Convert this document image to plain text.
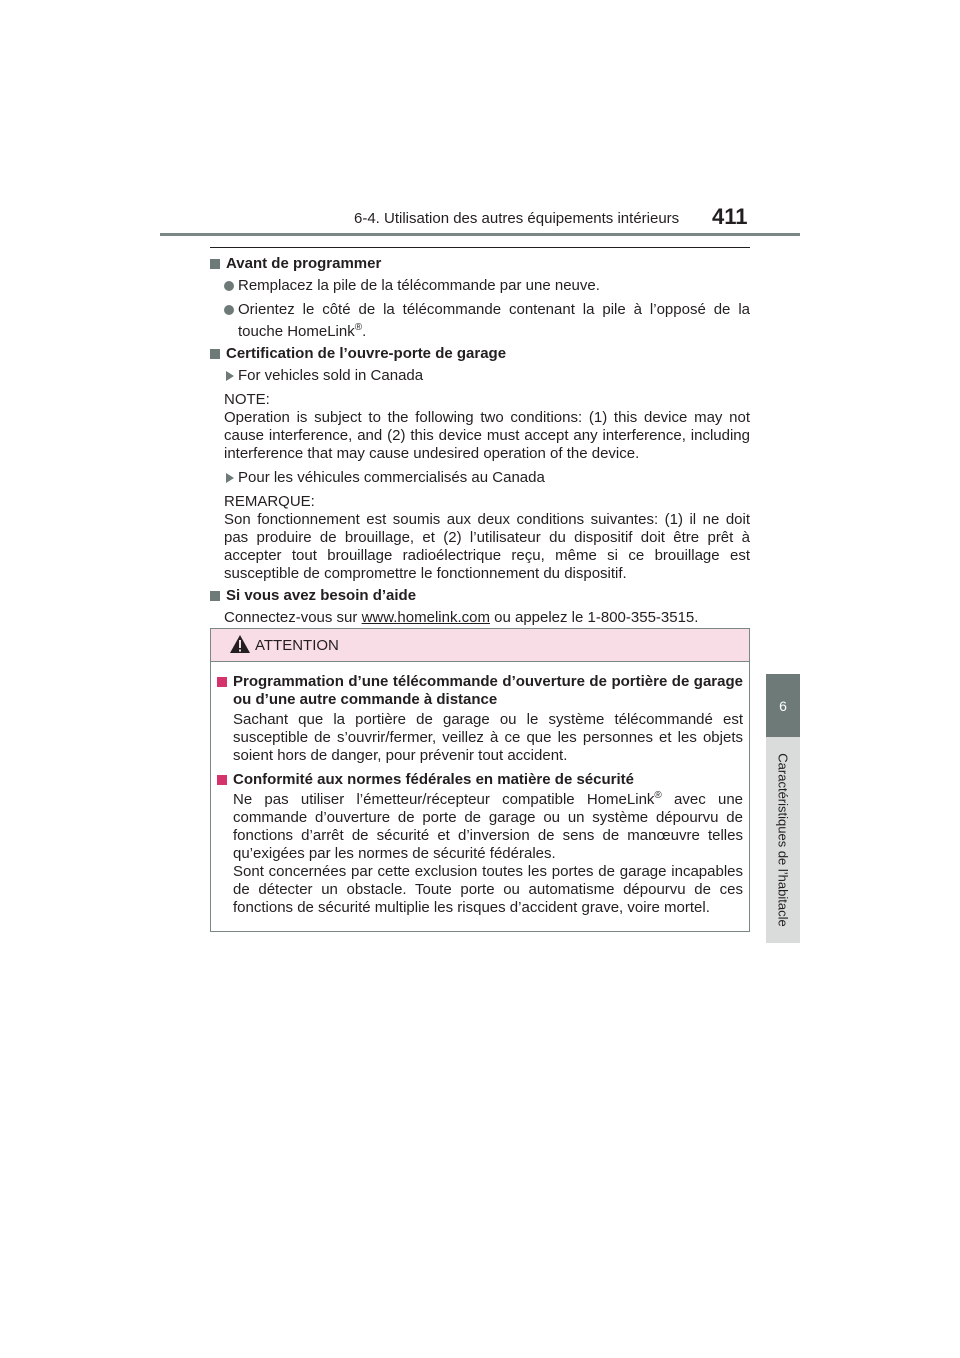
6-4. Utilisation des autres équipements intérieurs 411
6
Caractéristiques de l’habitacle
Avant de programmer
Remplacez la pile de la télécommande par une neuve.
Orientez le côté de la télécommande contenant la pile à l’opposé de la touche HomeLink®.
Certification de l’ouvre-porte de garage
For vehicles sold in Canada
NOTE:
Operation is subject to the following two conditions: (1) this device may not cause interference, and (2) this device must accept any interference, including interference that may cause undesired operation of the device.
Pour les véhicules commercialisés au Canada
REMARQUE:
Son fonctionnement est soumis aux deux conditions suivantes: (1) il ne doit pas produire de brouillage, et (2) l’utilisateur du dispositif doit être prêt à accepter tout brouillage radioélectrique reçu, même si ce brouillage est susceptible de compromettre le fonctionnement du dispositif.
Si vous avez besoin d’aide
Connectez-vous sur www.homelink.com ou appelez le 1-800-355-3515.
ATTENTION
Programmation d’une télécommande d’ouverture de portière de garage ou d’une autre commande à distance
Sachant que la portière de garage ou le système télécommandé est susceptible de s’ouvrir/fermer, veillez à ce que les personnes et les objets soient hors de danger, pour prévenir tout accident.
Conformité aux normes fédérales en matière de sécurité
Ne pas utiliser l’émetteur/récepteur compatible HomeLink® avec une commande d’ouverture de porte de garage ou un système dépourvu de fonctions d’arrêt de sécurité et d’inversion de sens de manœuvre telles qu’exigées par les normes de sécurité fédérales.
Sont concernées par cette exclusion toutes les portes de garage incapables de détecter un obstacle. Toute porte ou automatisme dépourvu de ces fonctions de sécurité multiplie les risques d’accident grave, voire mortel.
